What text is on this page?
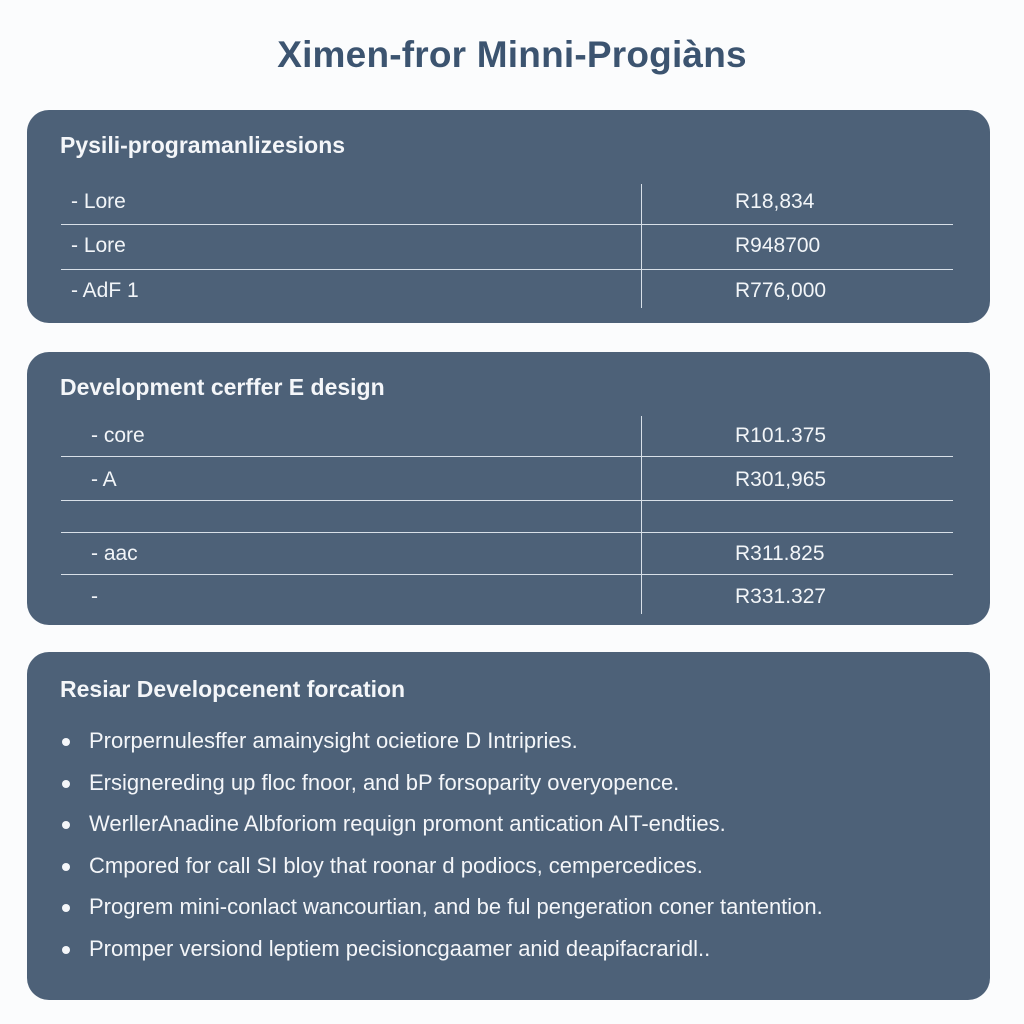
Ximen-fror Minni-Progiàns
Pysili-programanlizesions
- Lore	R18,834
- Lore	R948700
- AdF 1	R776,000
Development cerffer E design
- core	R101.375
- A	R301,965
- aac	R311.825
-	R331.327
Resiar Developcenent forcation
Prorpernulesffer amainysight ocietiore D Intripries.
Ersignereding up floc fnoor, and bP forsoparity overyopence.
WerllerAnadine Albforiom requign promont antication AIT-endties.
Cmpored for call SI bloy that roonar d podiocs, cempercedices.
Progrem mini-conlact wancourtian, and be ful pengeration coner tantention.
Promper versiond leptiem pecisioncgaamer anid deapifacraridl..
